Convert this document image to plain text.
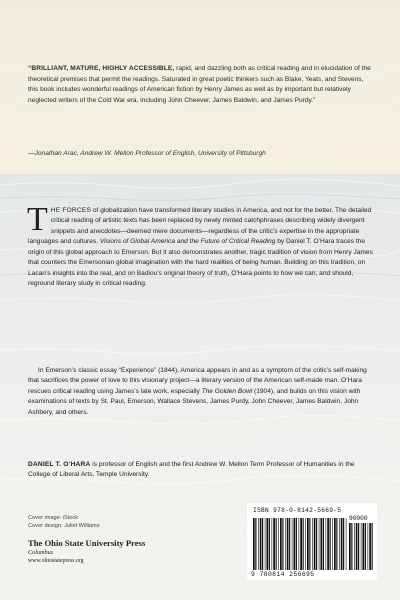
“BRILLIANT, MATURE, HIGHLY ACCESSIBLE, rapid, and dazzling both as critical reading and in elucidation of the theoretical premises that permit the readings. Saturated in great poetic thinkers such as Blake, Yeats, and Stevens, this book includes wonderful readings of American fiction by Henry James as well as by important but relatively neglected writers of the Cold War era, including John Cheever, James Baldwin, and James Purdy.”

—Jonathan Arac, Andrew W. Mellon Professor of English, University of Pittsburgh

THE FORCES of globalization have transformed literary studies in America, and not for the better. The detailed critical reading of artistic texts has been replaced by newly minted catchphrases describing widely divergent snippets and anecdotes—deemed mere documents—regardless of the critic’s expertise in the appropriate languages and cultures. Visions of Global America and the Future of Critical Reading by Daniel T. O’Hara traces the origin of this global approach to Emerson. But it also demonstrates another, tragic tradition of vision from Henry James that counters the Emersonian global imagination with the hard realities of being human. Building on this tradition, on Lacan’s insights into the real, and on Badiou’s original theory of truth, O’Hara points to how we can, and should, reground literary study in critical reading.

In Emerson’s classic essay “Experience” (1844), America appears in and as a symptom of the critic’s self-making that sacrifices the power of love to this visionary project—a literary version of the American self-made man. O’Hara rescues critical reading using James’s late work, especially The Golden Bowl (1904), and builds on this vision with examinations of texts by St. Paul, Emerson, Wallace Stevens, James Purdy, John Cheever, James Baldwin, John Ashbery, and others.

DANIEL T. O’HARA is professor of English and the first Andrew W. Mellon Term Professor of Humanities in the College of Liberal Arts, Temple University.

Cover image: iStock
Cover design: Juliet Williams
The Ohio State University Press
Columbus
www.ohiostatepress.org
ISBN 978-0-8142-5669-5
90000
9 780814 256695
